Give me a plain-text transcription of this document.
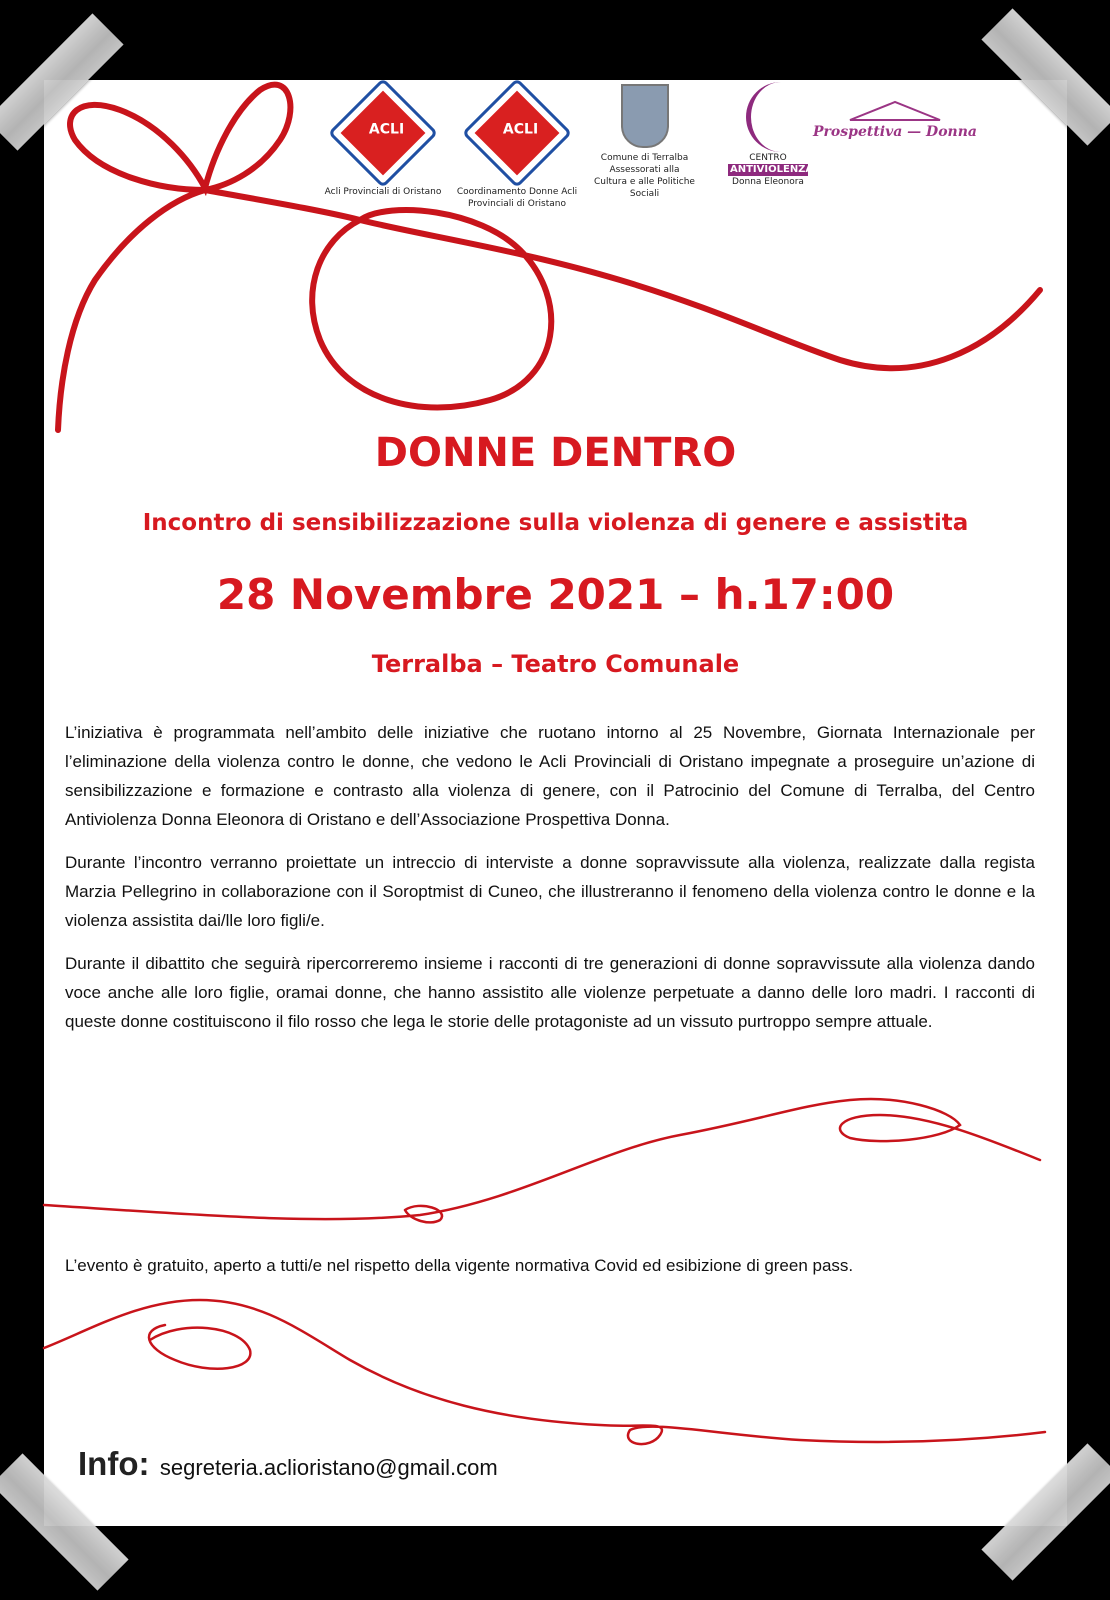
ACLI
Acli Provinciali di Oristano
ACLI
Coordinamento Donne Acli Provinciali di Oristano
Comune di Terralba Assessorati alla Cultura e alle Politiche Sociali
CENTRO
ANTIVIOLENZA
Donna Eleonora
Prospettiva — Donna
DONNE DENTRO
Incontro di sensibilizzazione sulla violenza di genere e assistita
28 Novembre 2021 – h.17:00
Terralba – Teatro Comunale

L’iniziativa è programmata nell’ambito delle iniziative che ruotano intorno al 25 Novembre, Giornata Internazionale per l’eliminazione della violenza contro le donne, che vedono le Acli Provinciali di Oristano impegnate a proseguire un’azione di sensibilizzazione e formazione e contrasto alla violenza di genere, con il Patrocinio del Comune di Terralba, del Centro Antiviolenza Donna Eleonora di Oristano e dell’Associazione Prospettiva Donna.

Durante l’incontro verranno proiettate un intreccio di interviste a donne sopravvissute alla violenza, realizzate dalla regista Marzia Pellegrino in collaborazione con il Soroptmist di Cuneo, che illustreranno il fenomeno della violenza contro le donne e la violenza assistita dai/lle loro figli/e.

Durante il dibattito che seguirà ripercorreremo insieme i racconti di tre generazioni di donne sopravvissute alla violenza dando voce anche alle loro figlie, oramai donne, che hanno assistito alle violenze perpetuate a danno delle loro madri. I racconti di queste donne costituiscono il filo rosso che lega le storie delle protagoniste ad un vissuto purtroppo sempre attuale.

L’evento è gratuito, aperto a tutti/e nel rispetto della vigente normativa Covid ed esibizione di green pass.
Info: segreteria.aclioristano@gmail.com
